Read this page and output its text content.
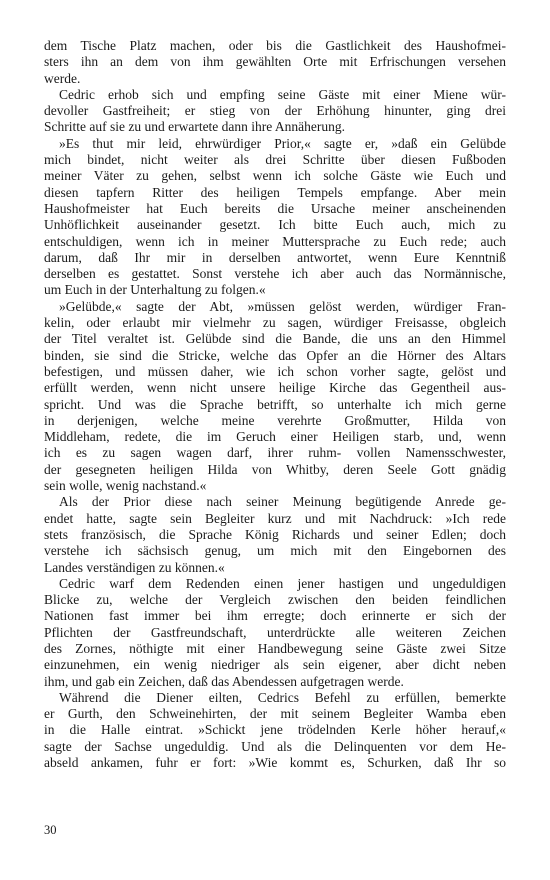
dem Tische Platz machen, oder bis die Gastlichkeit des Haushofmei-
sters ihn an dem von ihm gewählten Orte mit Erfrischungen versehen
werde.
Cedric erhob sich und empfing seine Gäste mit einer Miene wür-
devoller Gastfreiheit; er stieg von der Erhöhung hinunter, ging drei
Schritte auf sie zu und erwartete dann ihre Annäherung.
»Es thut mir leid, ehrwürdiger Prior,« sagte er, »daß ein Gelübde
mich bindet, nicht weiter als drei Schritte über diesen Fußboden
meiner Väter zu gehen, selbst wenn ich solche Gäste wie Euch und
diesen tapfern Ritter des heiligen Tempels empfange. Aber mein
Haushofmeister hat Euch bereits die Ursache meiner anscheinenden
Unhöflichkeit auseinander gesetzt. Ich bitte Euch auch, mich zu
entschuldigen, wenn ich in meiner Muttersprache zu Euch rede; auch
darum, daß Ihr mir in derselben antwortet, wenn Eure Kenntniß
derselben es gestattet. Sonst verstehe ich aber auch das Normännische,
um Euch in der Unterhaltung zu folgen.«
»Gelübde,« sagte der Abt, »müssen gelöst werden, würdiger Fran-
kelin, oder erlaubt mir vielmehr zu sagen, würdiger Freisasse, obgleich
der Titel veraltet ist. Gelübde sind die Bande, die uns an den Himmel
binden, sie sind die Stricke, welche das Opfer an die Hörner des Altars
befestigen, und müssen daher, wie ich schon vorher sagte, gelöst und
erfüllt werden, wenn nicht unsere heilige Kirche das Gegentheil aus-
spricht. Und was die Sprache betrifft, so unterhalte ich mich gerne
in derjenigen, welche meine verehrte Großmutter, Hilda von
Middleham, redete, die im Geruch einer Heiligen starb, und, wenn
ich es zu sagen wagen darf, ihrer ruhm- vollen Namensschwester,
der gesegneten heiligen Hilda von Whitby, deren Seele Gott gnädig
sein wolle, wenig nachstand.«
Als der Prior diese nach seiner Meinung begütigende Anrede ge-
endet hatte, sagte sein Begleiter kurz und mit Nachdruck: »Ich rede
stets französisch, die Sprache König Richards und seiner Edlen; doch
verstehe ich sächsisch genug, um mich mit den Eingebornen des
Landes verständigen zu können.«
Cedric warf dem Redenden einen jener hastigen und ungeduldigen
Blicke zu, welche der Vergleich zwischen den beiden feindlichen
Nationen fast immer bei ihm erregte; doch erinnerte er sich der
Pflichten der Gastfreundschaft, unterdrückte alle weiteren Zeichen
des Zornes, nöthigte mit einer Handbewegung seine Gäste zwei Sitze
einzunehmen, ein wenig niedriger als sein eigener, aber dicht neben
ihm, und gab ein Zeichen, daß das Abendessen aufgetragen werde.
Während die Diener eilten, Cedrics Befehl zu erfüllen, bemerkte
er Gurth, den Schweinehirten, der mit seinem Begleiter Wamba eben
in die Halle eintrat. »Schickt jene trödelnden Kerle höher herauf,«
sagte der Sachse ungeduldig. Und als die Delinquenten vor dem He-
abseld ankamen, fuhr er fort: »Wie kommt es, Schurken, daß Ihr so
30
